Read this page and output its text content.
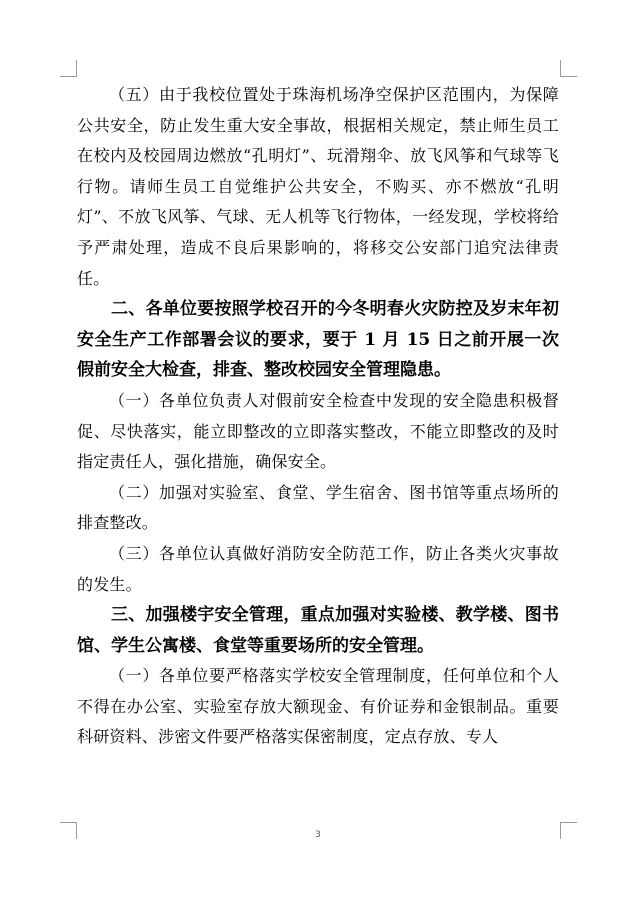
（五）由于我校位置处于珠海机场净空保护区范围内，为保障公共安全，防止发生重大安全事故，根据相关规定，禁止师生员工在校内及校园周边燃放“孔明灯”、玩滑翔伞、放飞风筝和气球等飞行物。请师生员工自觉维护公共安全，不购买、亦不燃放“孔明灯”、不放飞风筝、气球、无人机等飞行物体，一经发现，学校将给予严肃处理，造成不良后果影响的，将移交公安部门追究法律责任。

二、各单位要按照学校召开的今冬明春火灾防控及岁末年初安全生产工作部署会议的要求，要于 1 月 15 日之前开展一次假前安全大检查，排查、整改校园安全管理隐患。

（一）各单位负责人对假前安全检查中发现的安全隐患积极督促、尽快落实，能立即整改的立即落实整改，不能立即整改的及时指定责任人，强化措施，确保安全。

（二）加强对实验室、食堂、学生宿舍、图书馆等重点场所的排查整改。

（三）各单位认真做好消防安全防范工作，防止各类火灾事故的发生。

三、加强楼宇安全管理，重点加强对实验楼、教学楼、图书馆、学生公寓楼、食堂等重要场所的安全管理。

（一）各单位要严格落实学校安全管理制度，任何单位和个人不得在办公室、实验室存放大额现金、有价证券和金银制品。重要科研资料、涉密文件要严格落实保密制度，定点存放、专人

3
